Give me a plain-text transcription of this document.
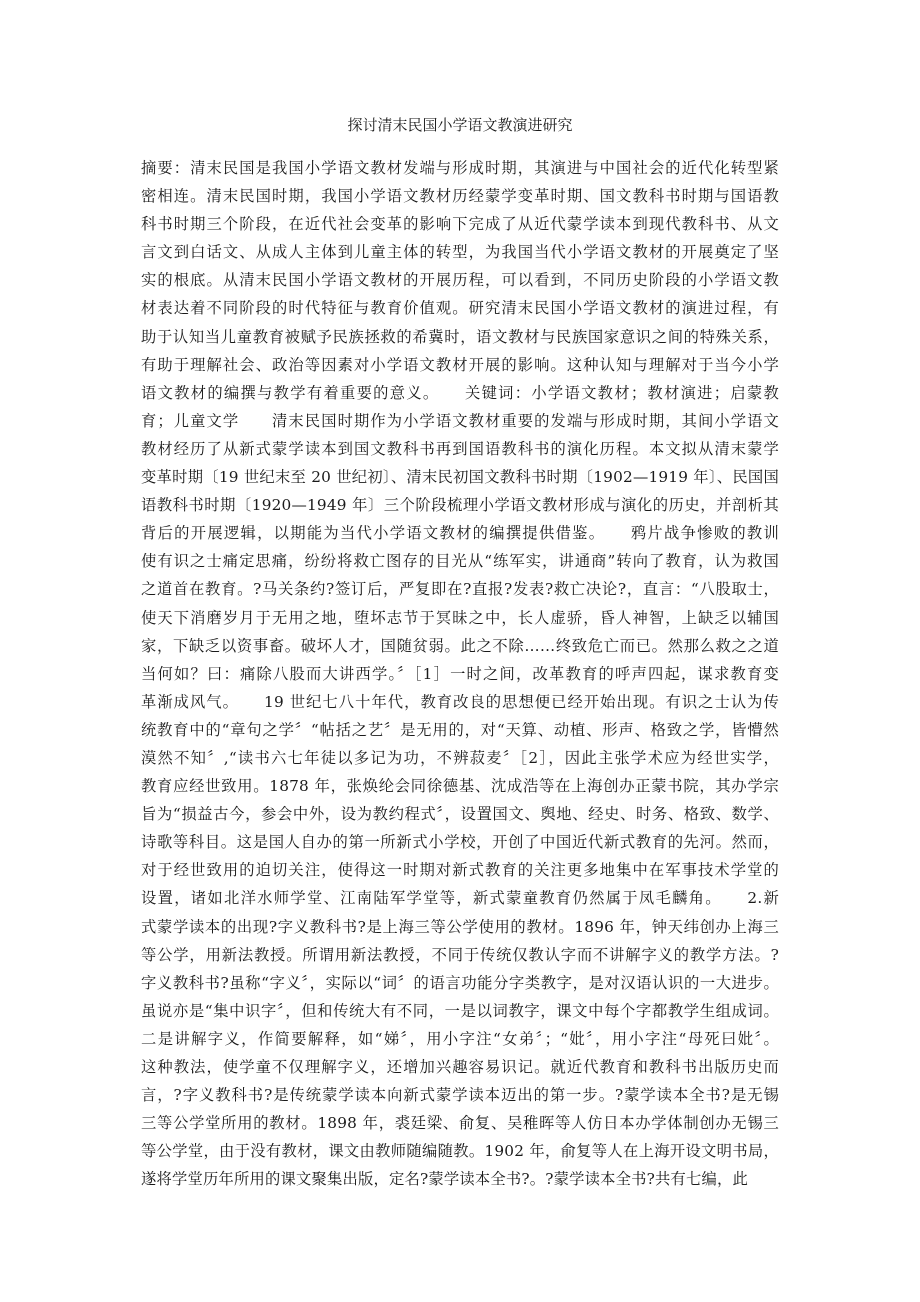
探讨清末民国小学语文教演进研究
摘要：清末民国是我国小学语文教材发端与形成时期，其演进与中国社会的近代化转型紧
密相连。清末民国时期，我国小学语文教材历经蒙学变革时期、国文教科书时期与国语教
科书时期三个阶段，在近代社会变革的影响下完成了从近代蒙学读本到现代教科书、从文
言文到白话文、从成人主体到儿童主体的转型，为我国当代小学语文教材的开展奠定了坚
实的根底。从清末民国小学语文教材的开展历程，可以看到，不同历史阶段的小学语文教
材表达着不同阶段的时代特征与教育价值观。研究清末民国小学语文教材的演进过程，有
助于认知当儿童教育被赋予民族拯救的希冀时，语文教材与民族国家意识之间的特殊关系，
有助于理解社会、政治等因素对小学语文教材开展的影响。这种认知与理解对于当今小学
语文教材的编撰与教学有着重要的意义。　　关键词：小学语文教材；教材演进；启蒙教
育；儿童文学　　清末民国时期作为小学语文教材重要的发端与形成时期，其间小学语文
教材经历了从新式蒙学读本到国文教科书再到国语教科书的演化历程。本文拟从清末蒙学
变革时期〔19 世纪末至 20 世纪初〕、清末民初国文教科书时期〔1902—1919 年〕、民国国
语教科书时期〔1920—1949 年〕三个阶段梳理小学语文教材形成与演化的历史，并剖析其
背后的开展逻辑，以期能为当代小学语文教材的编撰提供借鉴。　　鸦片战争惨败的教训
使有识之士痛定思痛，纷纷将救亡图存的目光从“练军实，讲通商”转向了教育，认为救国
之道首在教育。?马关条约?签订后，严复即在?直报?发表?救亡决论?，直言：“八股取士，
使天下消磨岁月于无用之地，堕坏志节于冥昧之中，长人虚骄，昏人神智，上缺乏以辅国
家，下缺乏以资事畜。破坏人才，国随贫弱。此之不除……终致危亡而已。然那么救之之道
当何如？曰：痛除八股而大讲西学。〞［1］一时之间，改革教育的呼声四起，谋求教育变
革渐成风气。　　19 世纪七八十年代，教育改良的思想便已经开始出现。有识之士认为传
统教育中的“章句之学〞“帖括之艺〞是无用的，对“天算、动植、形声、格致之学，皆懵然
漠然不知〞,“读书六七年徒以多记为功，不辨菽麦〞［2］，因此主张学术应为经世实学，
教育应经世致用。1878 年，张焕纶会同徐德基、沈成浩等在上海创办正蒙书院，其办学宗
旨为“损益古今，参会中外，设为教约程式〞，设置国文、舆地、经史、时务、格致、数学、
诗歌等科目。这是国人自办的第一所新式小学校，开创了中国近代新式教育的先河。然而，
对于经世致用的迫切关注，使得这一时期对新式教育的关注更多地集中在军事技术学堂的
设置，诸如北洋水师学堂、江南陆军学堂等，新式蒙童教育仍然属于凤毛麟角。　　2.新
式蒙学读本的出现?字义教科书?是上海三等公学使用的教材。1896 年，钟天纬创办上海三
等公学，用新法教授。所谓用新法教授，不同于传统仅教认字而不讲解字义的教学方法。?
字义教科书?虽称“字义〞，实际以“词〞的语言功能分字类教字，是对汉语认识的一大进步。
虽说亦是“集中识字〞，但和传统大有不同，一是以词教字，课文中每个字都教学生组成词。
二是讲解字义，作简要解释，如“娣〞，用小字注“女弟〞；“妣〞，用小字注“母死曰妣〞。
这种教法，使学童不仅理解字义，还增加兴趣容易识记。就近代教育和教科书出版历史而
言，?字义教科书?是传统蒙学读本向新式蒙学读本迈出的第一步。?蒙学读本全书?是无锡
三等公学堂所用的教材。1898 年，裘廷梁、俞复、吴稚晖等人仿日本办学体制创办无锡三
等公学堂，由于没有教材，课文由教师随编随教。1902 年，俞复等人在上海开设文明书局，
遂将学堂历年所用的课文聚集出版，定名?蒙学读本全书?。?蒙学读本全书?共有七编，此
